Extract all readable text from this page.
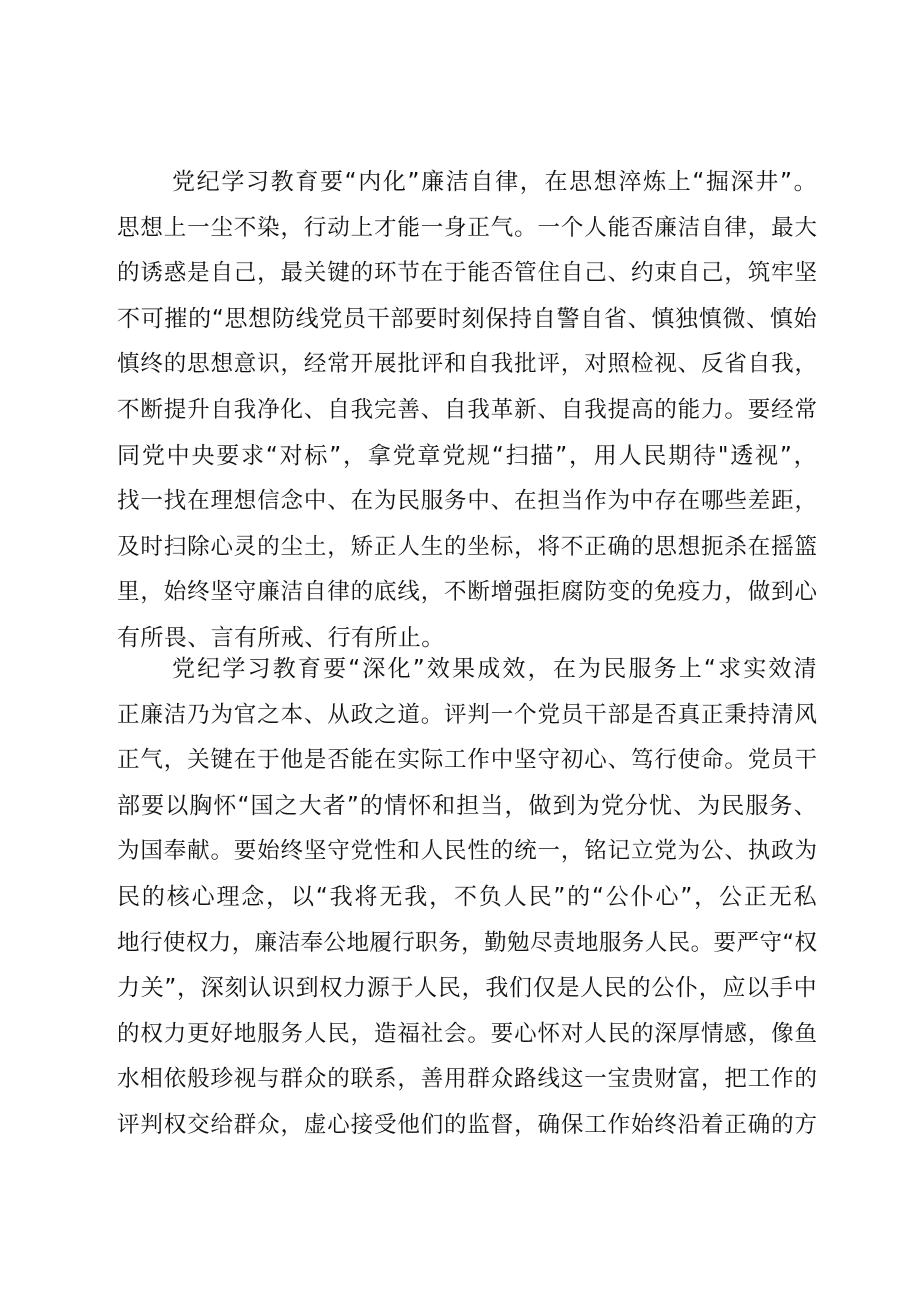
党纪学习教育要“内化”廉洁自律，在思想淬炼上“掘深井”。
思想上一尘不染，行动上才能一身正气。一个人能否廉洁自律，最大
的诱惑是自己，最关键的环节在于能否管住自己、约束自己，筑牢坚
不可摧的“思想防线党员干部要时刻保持自警自省、慎独慎微、慎始
慎终的思想意识，经常开展批评和自我批评，对照检视、反省自我，
不断提升自我净化、自我完善、自我革新、自我提高的能力。要经常
同党中央要求“对标”，拿党章党规“扫描”，用人民期待"透视”，
找一找在理想信念中、在为民服务中、在担当作为中存在哪些差距，
及时扫除心灵的尘土，矫正人生的坐标，将不正确的思想扼杀在摇篮
里，始终坚守廉洁自律的底线，不断增强拒腐防变的免疫力，做到心
有所畏、言有所戒、行有所止。
党纪学习教育要“深化”效果成效，在为民服务上“求实效清
正廉洁乃为官之本、从政之道。评判一个党员干部是否真正秉持清风
正气，关键在于他是否能在实际工作中坚守初心、笃行使命。党员干
部要以胸怀“国之大者”的情怀和担当，做到为党分忧、为民服务、
为国奉献。要始终坚守党性和人民性的统一，铭记立党为公、执政为
民的核心理念，以“我将无我，不负人民”的“公仆心”，公正无私
地行使权力，廉洁奉公地履行职务，勤勉尽责地服务人民。要严守“权
力关”，深刻认识到权力源于人民，我们仅是人民的公仆，应以手中
的权力更好地服务人民，造福社会。要心怀对人民的深厚情感，像鱼
水相依般珍视与群众的联系，善用群众路线这一宝贵财富，把工作的
评判权交给群众，虚心接受他们的监督，确保工作始终沿着正确的方
